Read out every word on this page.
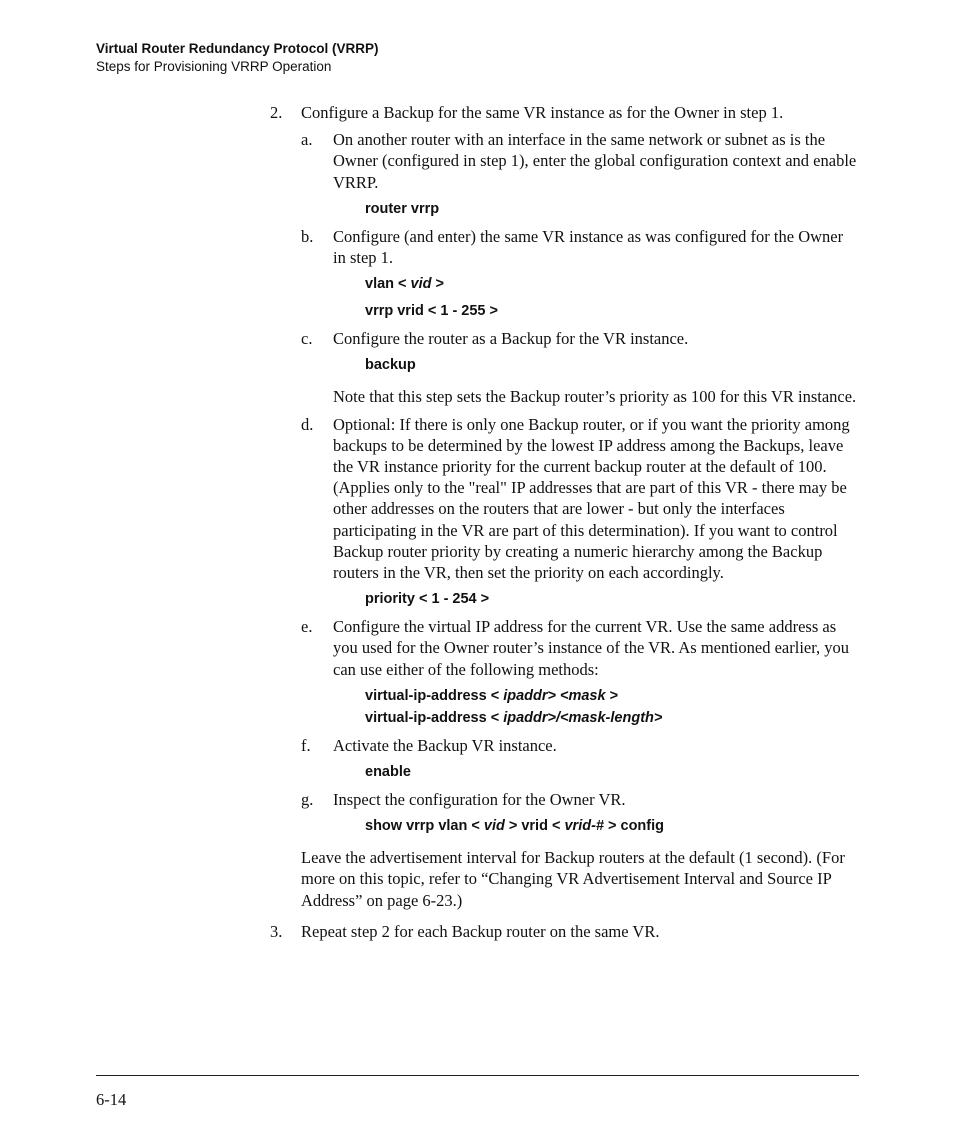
Virtual Router Redundancy Protocol (VRRP)
Steps for Provisioning VRRP Operation
2. Configure a Backup for the same VR instance as for the Owner in step 1.
a. On another router with an interface in the same network or subnet as is the Owner (configured in step 1), enter the global configuration context and enable VRRP.
router vrrp
b. Configure (and enter) the same VR instance as was configured for the Owner in step 1.
vlan < vid >
vrrp vrid < 1 - 255 >
c. Configure the router as a Backup for the VR instance.
backup
Note that this step sets the Backup router’s priority as 100 for this VR instance.
d. Optional: If there is only one Backup router, or if you want the priority among backups to be determined by the lowest IP address among the Backups, leave the VR instance priority for the current backup router at the default of 100. (Applies only to the "real" IP addresses that are part of this VR - there may be other addresses on the routers that are lower - but only the interfaces participating in the VR are part of this determination). If you want to control Backup router priority by creating a numeric hierarchy among the Backup routers in the VR, then set the priority on each accordingly.
priority < 1 - 254 >
e. Configure the virtual IP address for the current VR. Use the same address as you used for the Owner router’s instance of the VR. As mentioned earlier, you can use either of the following methods:
virtual-ip-address < ipaddr> <mask >
virtual-ip-address < ipaddr>/<mask-length>
f. Activate the Backup VR instance.
enable
g. Inspect the configuration for the Owner VR.
show vrrp vlan < vid > vrid < vrid-# > config
Leave the advertisement interval for Backup routers at the default (1 second). (For more on this topic, refer to “Changing VR Advertisement Interval and Source IP Address” on page 6-23.)
3. Repeat step 2 for each Backup router on the same VR.
6-14
